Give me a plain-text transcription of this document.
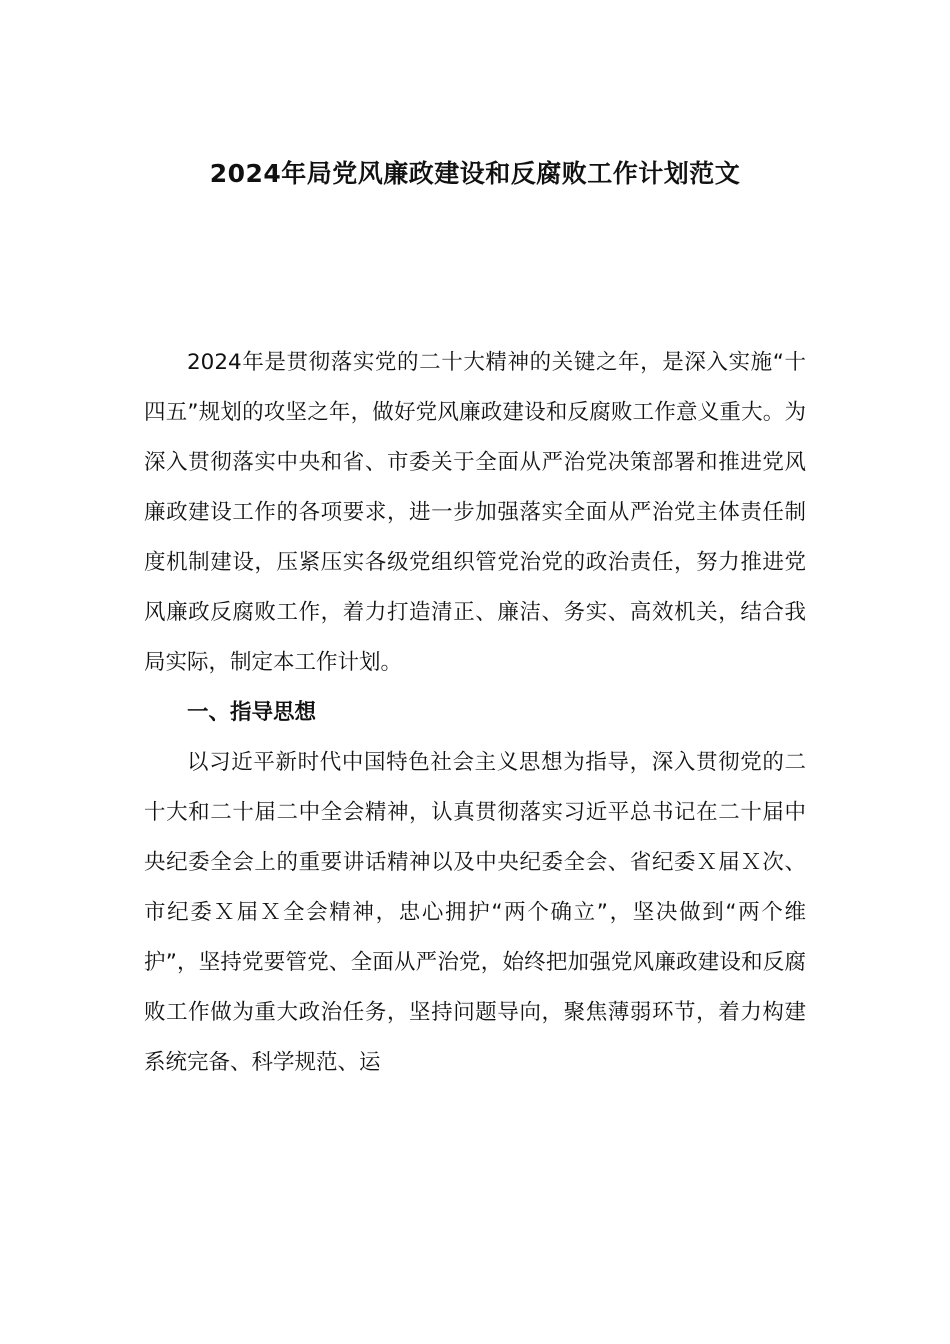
2024年局党风廉政建设和反腐败工作计划范文

2024年是贯彻落实党的二十大精神的关键之年，是深入实施“十四五”规划的攻坚之年，做好党风廉政建设和反腐败工作意义重大。为深入贯彻落实中央和省、市委关于全面从严治党决策部署和推进党风廉政建设工作的各项要求，进一步加强落实全面从严治党主体责任制度机制建设，压紧压实各级党组织管党治党的政治责任，努力推进党风廉政反腐败工作，着力打造清正、廉洁、务实、高效机关，结合我局实际，制定本工作计划。

一、指导思想

以习近平新时代中国特色社会主义思想为指导，深入贯彻党的二十大和二十届二中全会精神，认真贯彻落实习近平总书记在二十届中央纪委全会上的重要讲话精神以及中央纪委全会、省纪委Ｘ届Ｘ次、市纪委Ｘ届Ｘ全会精神，忠心拥护“两个确立”，坚决做到“两个维护”，坚持党要管党、全面从严治党，始终把加强党风廉政建设和反腐败工作做为重大政治任务，坚持问题导向，聚焦薄弱环节，着力构建系统完备、科学规范、运
